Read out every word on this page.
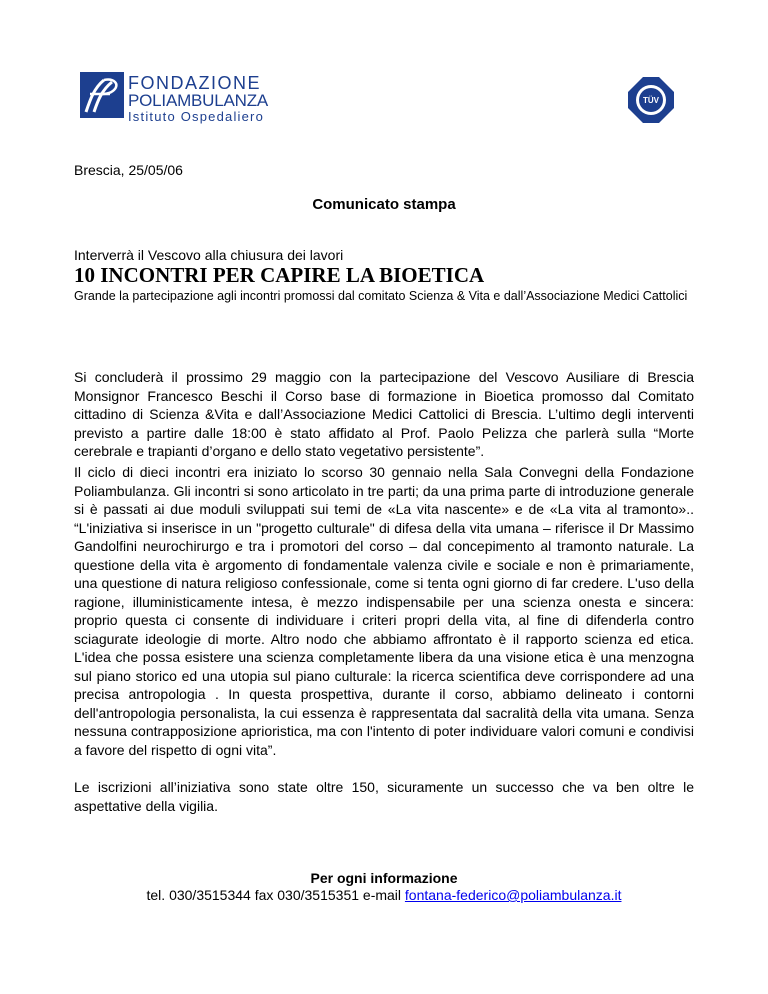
FONDAZIONE
POLIAMBULANZA
Istituto Ospedaliero
TÜV
Brescia, 25/05/06
Comunicato stampa
Interverrà il Vescovo alla chiusura dei lavori
10 INCONTRI PER CAPIRE LA BIOETICA
Grande la partecipazione agli incontri promossi dal comitato Scienza & Vita e dall’Associazione Medici Cattolici

Si concluderà il prossimo 29 maggio con la partecipazione del Vescovo Ausiliare di Brescia Monsignor Francesco Beschi il Corso base di formazione in Bioetica promosso dal Comitato cittadino di Scienza &Vita e dall’Associazione Medici Cattolici di Brescia. L’ultimo degli interventi previsto a partire dalle 18:00 è stato affidato al Prof. Paolo Pelizza che parlerà sulla “Morte cerebrale e trapianti d’organo e dello stato vegetativo persistente”.

Il ciclo di dieci incontri era iniziato lo scorso 30 gennaio nella Sala Convegni della Fondazione Poliambulanza. Gli incontri si sono articolato in tre parti; da una prima parte di introduzione generale si è passati ai due moduli sviluppati sui temi de «La vita nascente» e de «La vita al tramonto».. “L'iniziativa si inserisce in un "progetto culturale" di difesa della vita umana – riferisce il Dr Massimo Gandolfini neurochirurgo e tra i promotori del corso – dal concepimento al tramonto naturale. La questione della vita è argomento di fondamentale valenza civile e sociale e non è primariamente, una questione di natura religioso confessionale, come si tenta ogni giorno di far credere. L'uso della ragione, illuministicamente intesa, è mezzo indispensabile per una scienza onesta e sincera: proprio questa ci consente di individuare i criteri propri della vita, al fine di difenderla contro sciagurate ideologie di morte. Altro nodo che abbiamo affrontato è il rapporto scienza ed etica. L'idea che possa esistere una scienza completamente libera da una visione etica è una menzogna sul piano storico ed una utopia sul piano culturale: la ricerca scientifica deve corrispondere ad una precisa antropologia . In questa prospettiva, durante il corso, abbiamo delineato i contorni dell'antropologia personalista, la cui essenza è rappresentata dal sacralità della vita umana. Senza nessuna contrapposizione aprioristica, ma con l'intento di poter individuare valori comuni e condivisi a favore del rispetto di ogni vita”.

Le iscrizioni all’iniziativa sono state oltre 150, sicuramente un successo che va ben oltre le aspettative della vigilia.

Per ogni informazione
tel. 030/3515344 fax 030/3515351 e-mail fontana-federico@poliambulanza.it
